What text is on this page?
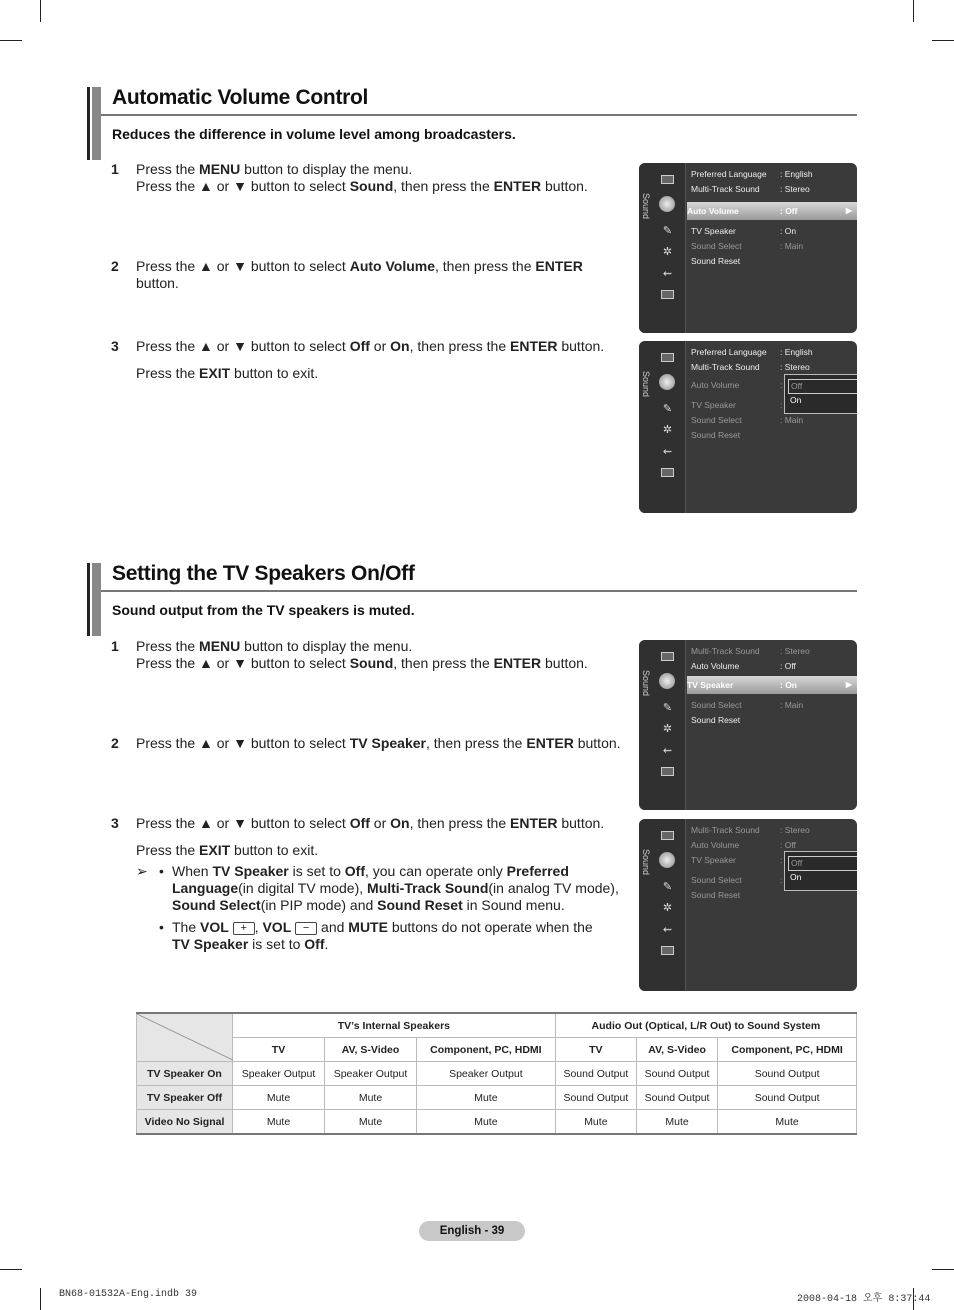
Automatic Volume Control
Reduces the difference in volume level among broadcasters.
1 Press the MENU button to display the menu.
Press the ▲ or ▼ button to select Sound, then press the ENTER button.
2 Press the ▲ or ▼ button to select Auto Volume, then press the ENTER button.
3 Press the ▲ or ▼ button to select Off or On, then press the ENTER button.
Press the EXIT button to exit.
Setting the TV Speakers On/Off
Sound output from the TV speakers is muted.
1 Press the MENU button to display the menu.
Press the ▲ or ▼ button to select Sound, then press the ENTER button.
2 Press the ▲ or ▼ button to select TV Speaker, then press the ENTER button.
3 Press the ▲ or ▼ button to select Off or On, then press the ENTER button.
Press the EXIT button to exit.
➢ • When TV Speaker is set to Off, you can operate only Preferred Language(in digital TV mode), Multi-Track Sound(in analog TV mode), Sound Select(in PIP mode) and Sound Reset in Sound menu.
• The VOL + , VOL − and MUTE buttons do not operate when the
TV Speaker is set to Off.
Sound
✎
✲
⇜
Preferred Language : English
Multi-Track Sound : Stereo
Auto Volume	: Off	▶
TV Speaker	: On
Sound Select	: Main
Sound Reset
Sound
✎
✲
⇜
Preferred Language : English
Multi-Track Sound : Stereo
Auto Volume	:
TV Speaker	:
Sound Select	: Main
Sound Reset
Off
On
Sound
✎
✲
⇜
Multi-Track Sound : Stereo
Auto Volume	: Off
TV Speaker	: On	▶
Sound Select	: Main
Sound Reset
Sound
✎
✲
⇜
Multi-Track Sound : Stereo
Auto Volume	: Off
TV Speaker	:
Sound Select	:
Sound Reset
Off
On
	TV’s Internal Speakers			Audio Out (Optical, L/R Out) to Sound System		
	TV	AV, S-Video	Component, PC, HDMI	TV	AV, S-Video	Component, PC, HDMI
TV Speaker On	Speaker Output	Speaker Output	Speaker Output	Sound Output	Sound Output	Sound Output
TV Speaker Off	Mute	Mute	Mute	Sound Output	Sound Output	Sound Output
Video No Signal	Mute	Mute	Mute	Mute	Mute	Mute
English - 39
BN68-01532A-Eng.indb 39	2008-04-18 오후 8:37:44
